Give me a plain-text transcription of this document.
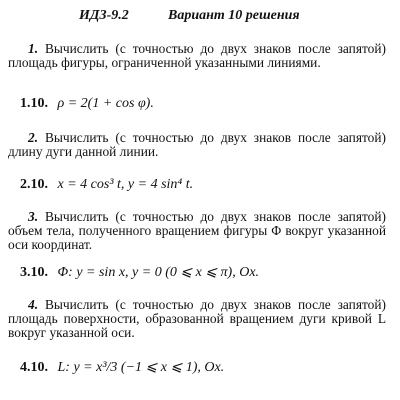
ИДЗ-9.2	Вариант 10 решения
1. Вычислить (с точностью до двух знаков после запятой) площадь фигуры, ограниченной указанными линиями.
1.10. ρ = 2(1 + cos φ).
2. Вычислить (с точностью до двух знаков после запятой) длину дуги данной линии.
2.10. x = 4 cos³ t, y = 4 sin⁴ t.
3. Вычислить (с точностью до двух знаков после запятой) объем тела, полученного вращением фигуры Φ вокруг указанной оси координат.
3.10. Φ: y = sin x, y = 0 (0 ⩽ x ⩽ π), Ox.
4. Вычислить (с точностью до двух знаков после запятой) площадь поверхности, образованной вращением дуги кривой L вокруг указанной оси.
4.10. L: y = x³/3 (−1 ⩽ x ⩽ 1), Ox.
